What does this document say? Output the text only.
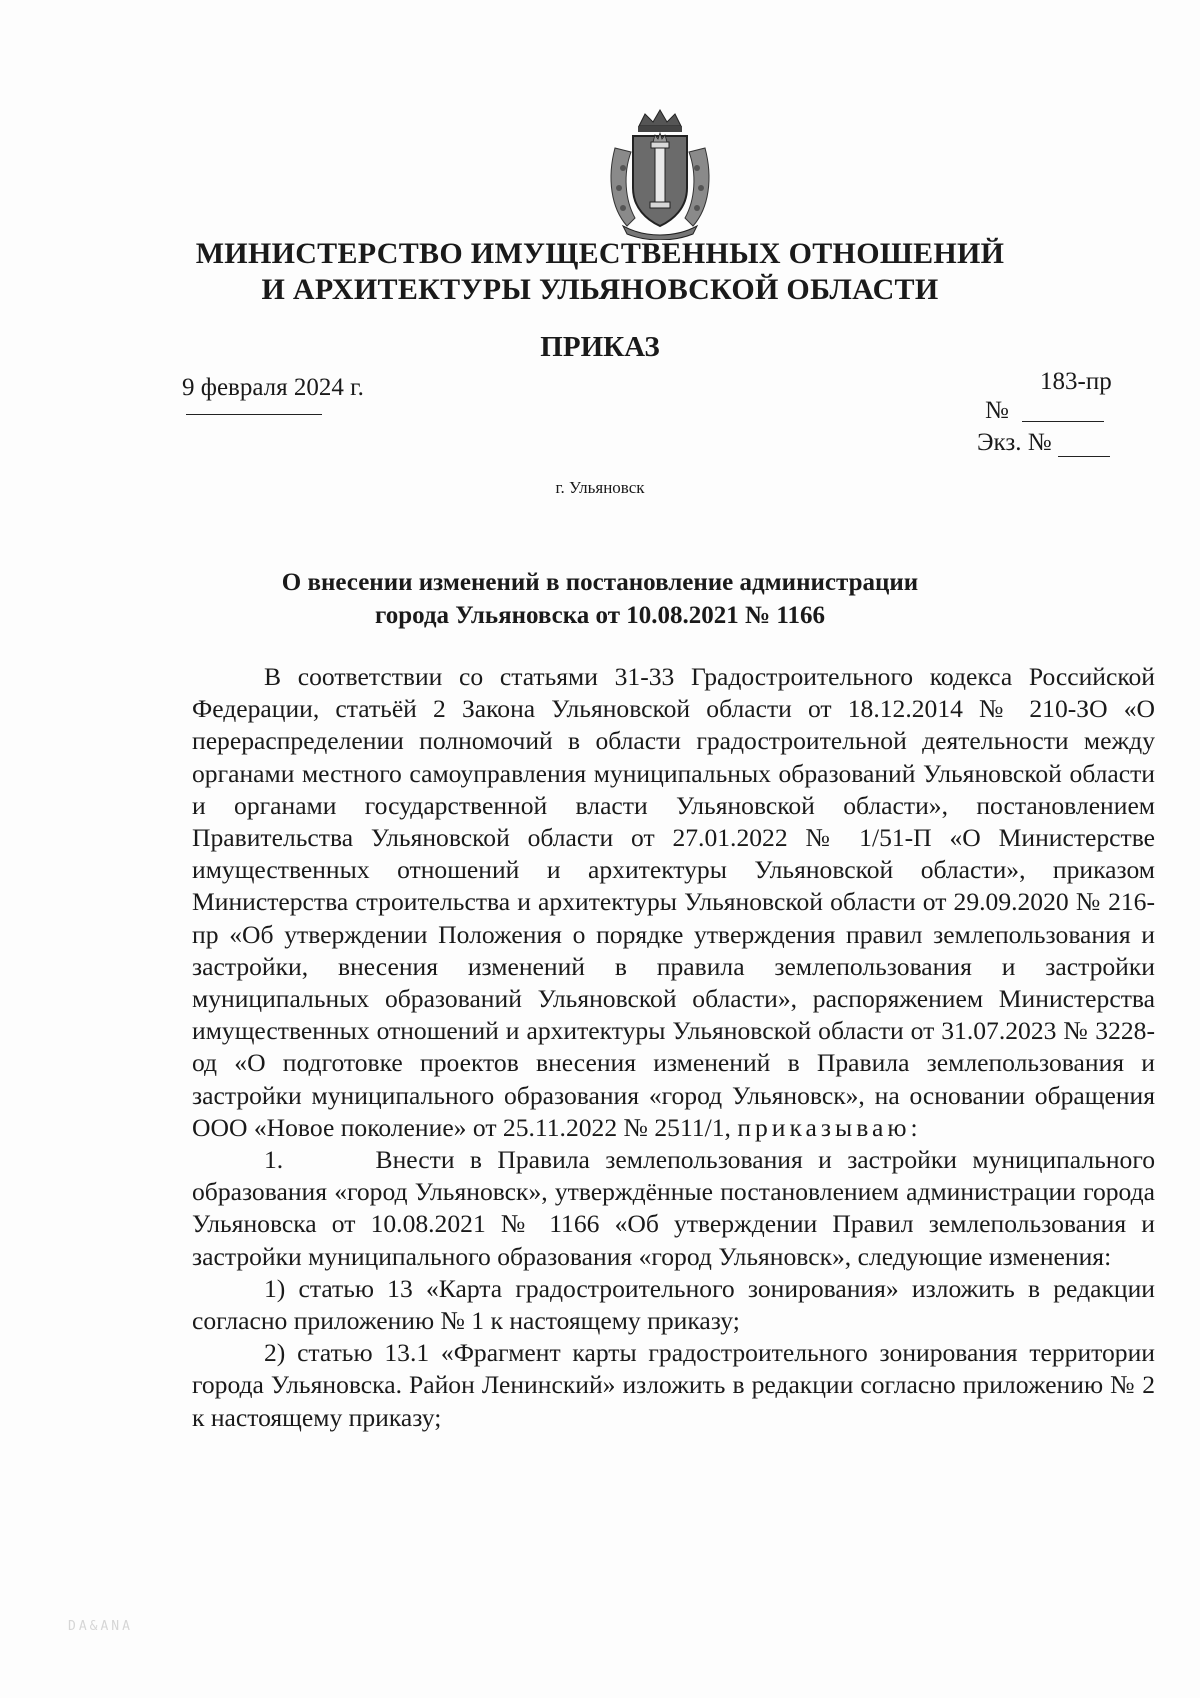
МИНИСТЕРСТВО ИМУЩЕСТВЕННЫХ ОТНОШЕНИЙ
И АРХИТЕКТУРЫ УЛЬЯНОВСКОЙ ОБЛАСТИ
ПРИКАЗ
9 февраля 2024 г.	183-пр
№
Экз. №
г. Ульяновск
О внесении изменений в постановление администрации
города Ульяновска от 10.08.2021 № 1166

В соответствии со статьями 31-33 Градостроительного кодекса Российской Федерации, статьёй 2 Закона Ульяновской области от 18.12.2014 № 210-ЗО «О перераспределении полномочий в области градостроительной деятельности между органами местного самоуправления муниципальных образований Ульяновской области и органами государственной власти Ульяновской области», постановлением Правительства Ульяновской области от 27.01.2022 № 1/51-П «О Министерстве имущественных отношений и архитектуры Ульяновской области», приказом Министерства строительства и архитектуры Ульяновской области от 29.09.2020 № 216-пр «Об утверждении Положения о порядке утверждения правил землепользования и застройки, внесения изменений в правила землепользования и застройки муниципальных образований Ульяновской области», распоряжением Министерства имущественных отношений и архитектуры Ульяновской области от 31.07.2023 № 3228-од «О подготовке проектов внесения изменений в Правила землепользования и застройки муниципального образования «город Ульяновск», на основании обращения ООО «Новое поколение» от 25.11.2022 № 2511/1, приказываю:

1.      Внести в Правила землепользования и застройки муниципального образования «город Ульяновск», утверждённые постановлением администрации города Ульяновска от 10.08.2021 № 1166 «Об утверждении Правил землепользования и застройки муниципального образования «город Ульяновск», следующие изменения:

1) статью 13 «Карта градостроительного зонирования» изложить в редакции согласно приложению № 1 к настоящему приказу;

2) статью 13.1 «Фрагмент карты градостроительного зонирования территории города Ульяновска. Район Ленинский» изложить в редакции согласно приложению № 2 к настоящему приказу;

DA&ANA
